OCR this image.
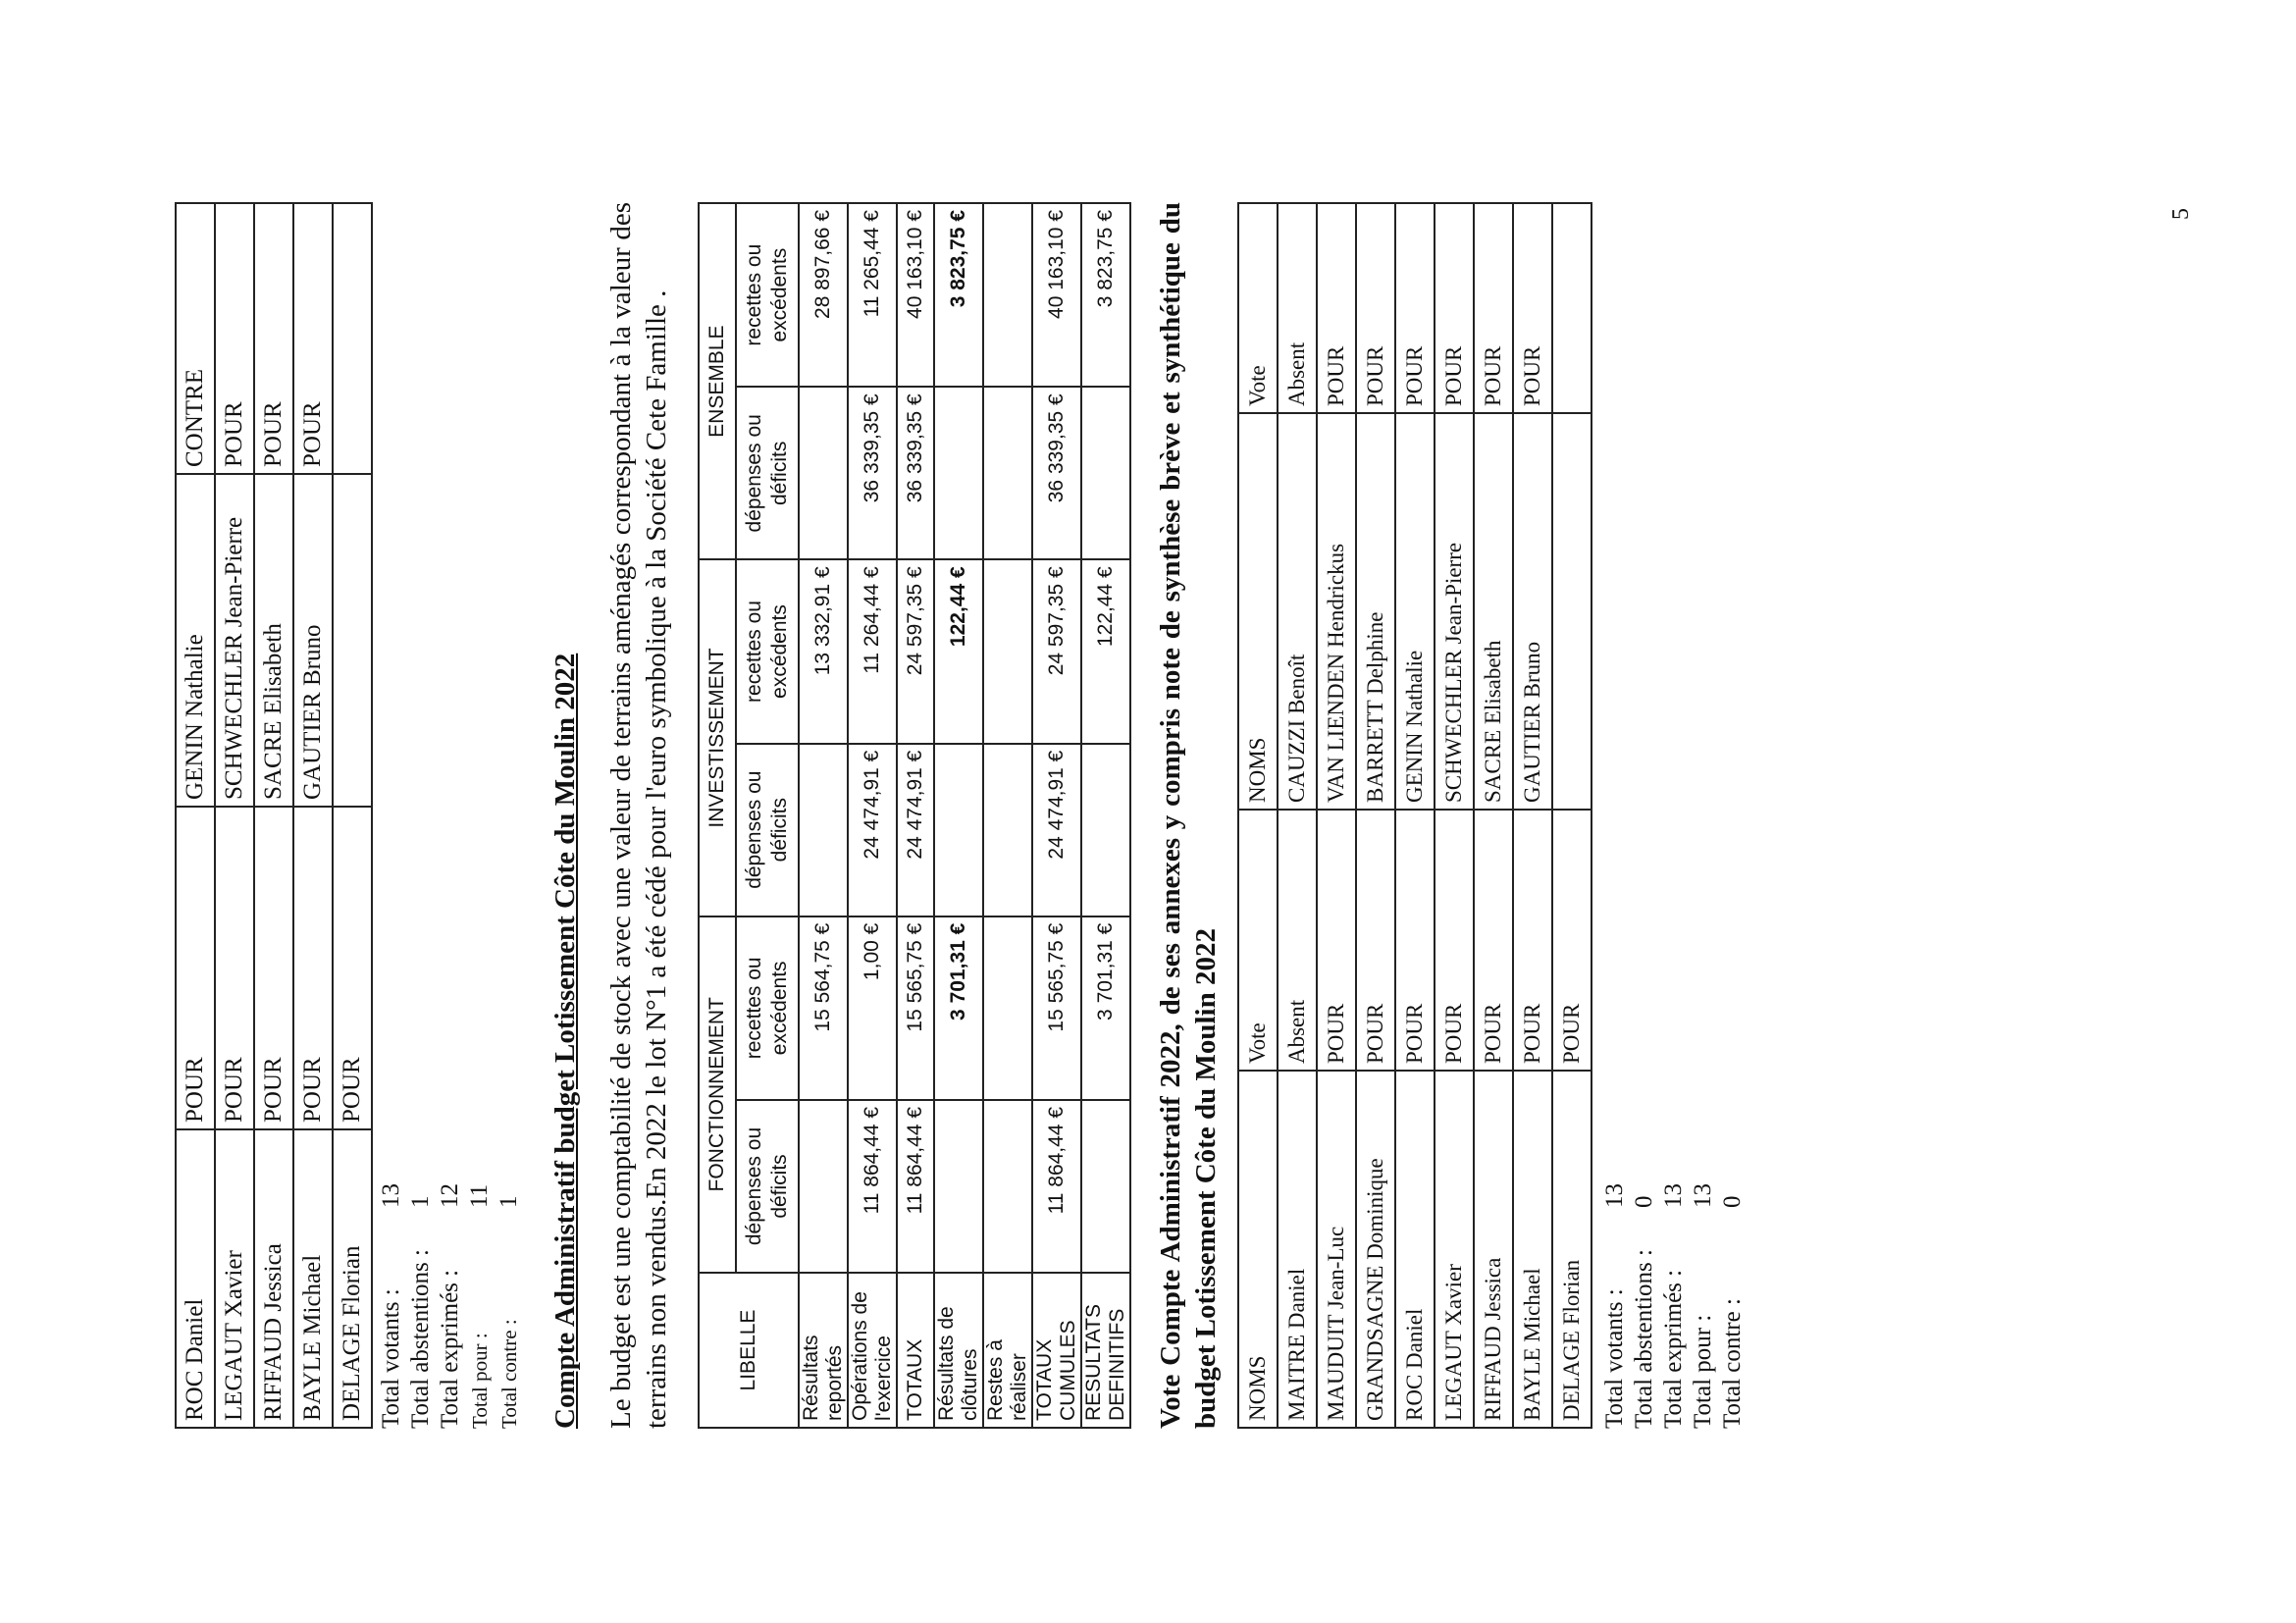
ROC Daniel	POUR	GENIN Nathalie	CONTRE
LEGAUT Xavier	POUR	SCHWECHLER Jean-Pierre	POUR
RIFFAUD Jessica	POUR	SACRE Elisabeth	POUR
BAYLE Michael	POUR	GAUTIER Bruno	POUR
DELAGE Florian	POUR		
Total votants :
13
Total abstentions :
1
Total exprimés :
12
Total pour :
11
Total contre :
1 Compte Administratif budget Lotissement Côte du Moulin 2022 Le budget est une comptabilité de stock avec une valeur de terrains aménagés correspondant à la valeur des terrains non vendus.En 2022 le lot N°1 a été cédé pour l'euro symbolique à la Société Cete Famille .	LIBELLE	FONCTIONNEMENT		INVESTISSEMENT		ENSEMBLE	
	dépenses ou déficits	recettes ou excédents	dépenses ou déficits	recettes ou excédents	dépenses ou déficits	recettes ou excédents
Résultats reportés		15 564,75 €		13 332,91 €		28 897,66 €
Opérations de l'exercice	11 864,44 €	1,00 €	24 474,91 €	11 264,44 €	36 339,35 €	11 265,44 €
TOTAUX	11 864,44 €	15 565,75 €	24 474,91 €	24 597,35 €	36 339,35 €	40 163,10 €
Résultats de clôtures		3 701,31 €		122,44 €		3 823,75 €
Restes à réaliser						
TOTAUX CUMULES	11 864,44 €	15 565,75 €	24 474,91 €	24 597,35 €	36 339,35 €	40 163,10 €
RESULTATS DEFINITIFS		3 701,31 €		122,44 €		3 823,75 € Vote Compte Administratif 2022, de ses annexes y compris note de synthèse brève et synthétique du budget Lotissement Côte du Moulin 2022 NOMS	Vote	NOMS	Vote
MAITRE Daniel	Absent	CAUZZI Benoît	Absent
MAUDUIT Jean-Luc	POUR	VAN LIENDEN Hendrickus	POUR
GRANDSAGNE Dominique	POUR	BARRETT Delphine	POUR
ROC Daniel	POUR	GENIN Nathalie	POUR
LEGAUT Xavier	POUR	SCHWECHLER Jean-Pierre	POUR
RIFFAUD Jessica	POUR	SACRE Elisabeth	POUR
BAYLE Michael	POUR	GAUTIER Bruno	POUR
DELAGE Florian	POUR		
Total votants :
13
Total abstentions :
0
Total exprimés :
13
Total pour :
13
Total contre :
0
5
